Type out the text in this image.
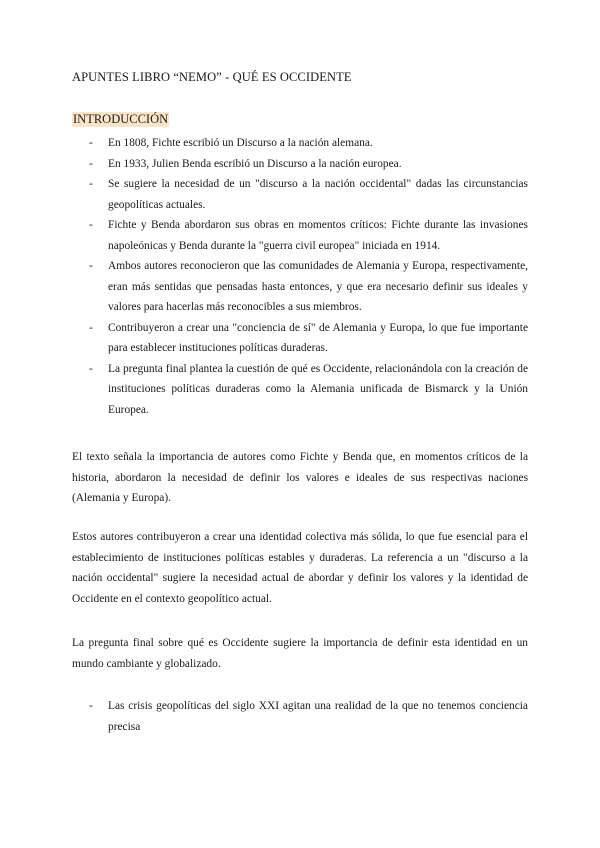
APUNTES LIBRO “NEMO” - QUÉ ES OCCIDENTE
INTRODUCCIÓN
- En 1808, Fichte escribió un Discurso a la nación alemana.
- En 1933, Julien Benda escribió un Discurso a la nación europea.
- Se sugiere la necesidad de un "discurso a la nación occidental" dadas las circunstancias geopolíticas actuales.
- Fichte y Benda abordaron sus obras en momentos críticos: Fichte durante las invasiones napoleónicas y Benda durante la "guerra civil europea" iniciada en 1914.
- Ambos autores reconocieron que las comunidades de Alemania y Europa, respectivamente, eran más sentidas que pensadas hasta entonces, y que era necesario definir sus ideales y valores para hacerlas más reconocibles a sus miembros.
- Contribuyeron a crear una "conciencia de sí" de Alemania y Europa, lo que fue importante para establecer instituciones políticas duraderas.
- La pregunta final plantea la cuestión de qué es Occidente, relacionándola con la creación de instituciones políticas duraderas como la Alemania unificada de Bismarck y la Unión Europea.

El texto señala la importancia de autores como Fichte y Benda que, en momentos críticos de la historia, abordaron la necesidad de definir los valores e ideales de sus respectivas naciones (Alemania y Europa).

Estos autores contribuyeron a crear una identidad colectiva más sólida, lo que fue esencial para el establecimiento de instituciones políticas estables y duraderas. La referencia a un "discurso a la nación occidental" sugiere la necesidad actual de abordar y definir los valores y la identidad de Occidente en el contexto geopolítico actual.

La pregunta final sobre qué es Occidente sugiere la importancia de definir esta identidad en un mundo cambiante y globalizado.

- Las crisis geopolíticas del siglo XXI agitan una realidad de la que no tenemos conciencia precisa
